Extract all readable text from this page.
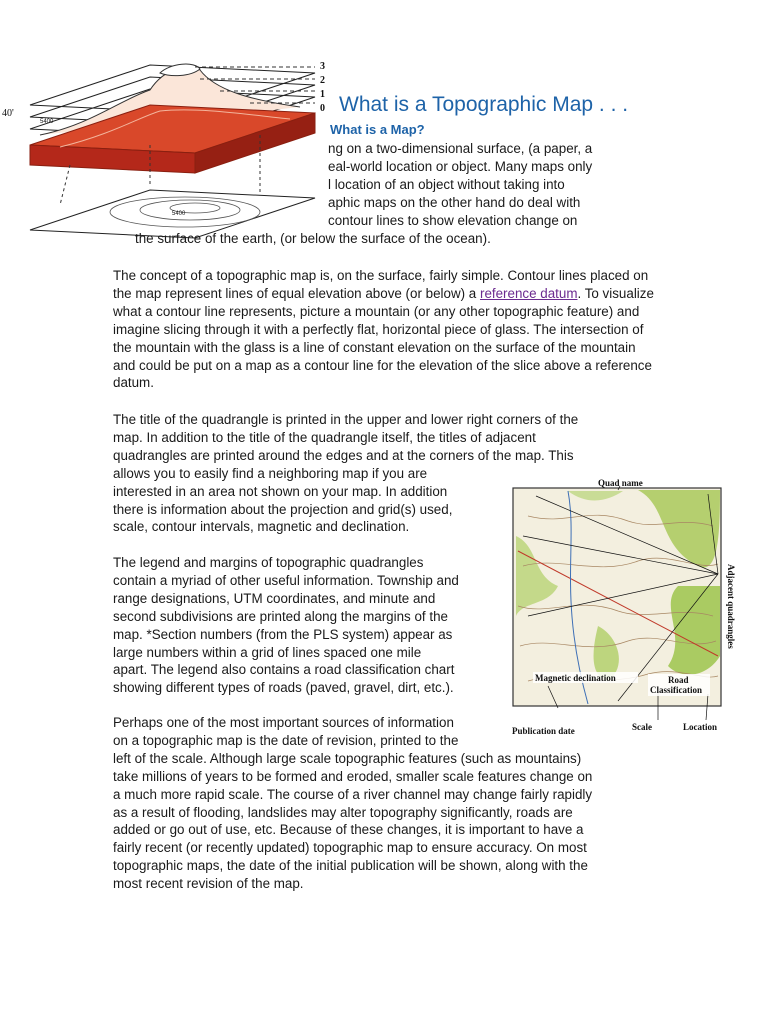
3
2
1
0
40'
5400
5400
What is a Topographic Map . . .
What is a Map?
ng on a two-dimensional surface, (a paper, a
eal-world location or object. Many maps only
l location of an object without taking into
aphic maps on the other hand do deal with
contour lines to show elevation change on
the surface of the earth, (or below the surface of the ocean).

The concept of a topographic map is, on the surface, fairly simple. Contour lines placed on the map represent lines of equal elevation above (or below) a reference datum. To visualize what a contour line represents, picture a mountain (or any other topographic feature) and imagine slicing through it with a perfectly flat, horizontal piece of glass. The intersection of the mountain with the glass is a line of constant elevation on the surface of the mountain and could be put on a map as a contour line for the elevation of the slice above a reference datum.

The title of the quadrangle is printed in the upper and lower right corners of the
map. In addition to the title of the quadrangle itself, the titles of adjacent
quadrangles are printed around the edges and at the corners of the map. This
allows you to easily find a neighboring map if you are
interested in an area not shown on your map. In addition
there is information about the projection and grid(s) used,
scale, contour intervals, magnetic and declination.
The legend and margins of topographic quadrangles
contain a myriad of other useful information. Township and
range designations, UTM coordinates, and minute and
second subdivisions are printed along the margins of the
map. *Section numbers (from the PLS system) appear as
large numbers within a grid of lines spaced one mile
apart. The legend also contains a road classification chart
showing different types of roads (paved, gravel, dirt, etc.).
Perhaps one of the most important sources of information
on a topographic map is the date of revision, printed to the
left of the scale. Although large scale topographic features (such as mountains)
take millions of years to be formed and eroded, smaller scale features change on
a much more rapid scale. The course of a river channel may change fairly rapidly
as a result of flooding, landslides may alter topography significantly, roads are
added or go out of use, etc. Because of these changes, it is important to have a
fairly recent (or recently updated) topographic map to ensure accuracy. On most
topographic maps, the date of the initial publication will be shown, along with the
most recent revision of the map.
Quad name
Adjacent quadrangles
Magnetic declination	Road
Classification
Publication date	Scale	Location
